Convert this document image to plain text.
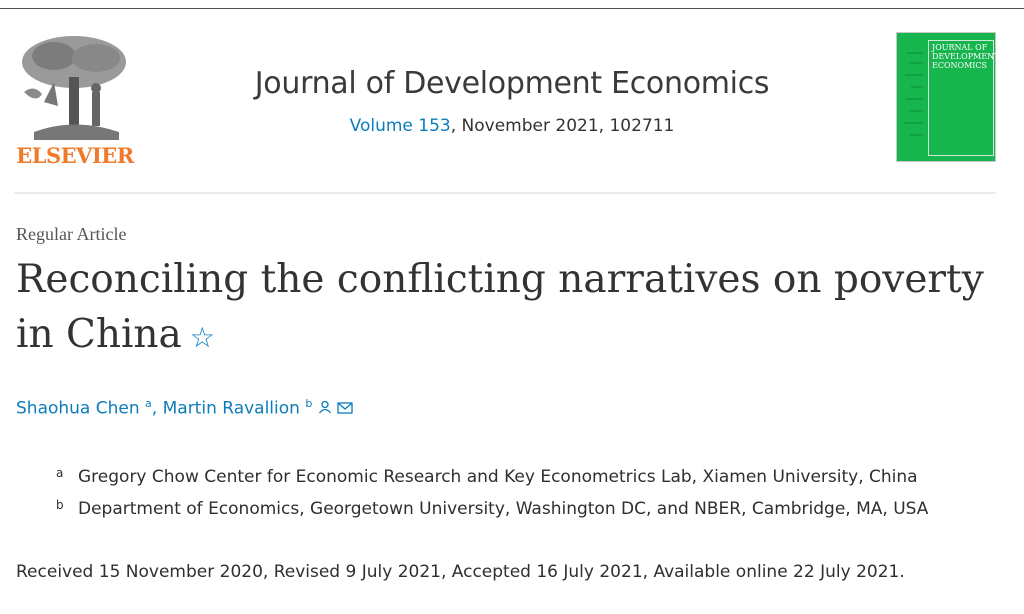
ELSEVIER
Journal of Development Economics
Volume 153, November 2021, 102711
JOURNAL OF DEVELOPMENT ECONOMICS
Regular Article
Reconciling the conflicting narratives on poverty in China ☆
Shaohua Chen $^a$, Martin Ravallion $^b$
a Gregory Chow Center for Economic Research and Key Econometrics Lab, Xiamen University, China
b Department of Economics, Georgetown University, Washington DC, and NBER, Cambridge, MA, USA
Received 15 November 2020, Revised 9 July 2021, Accepted 16 July 2021, Available online 22 July 2021.
